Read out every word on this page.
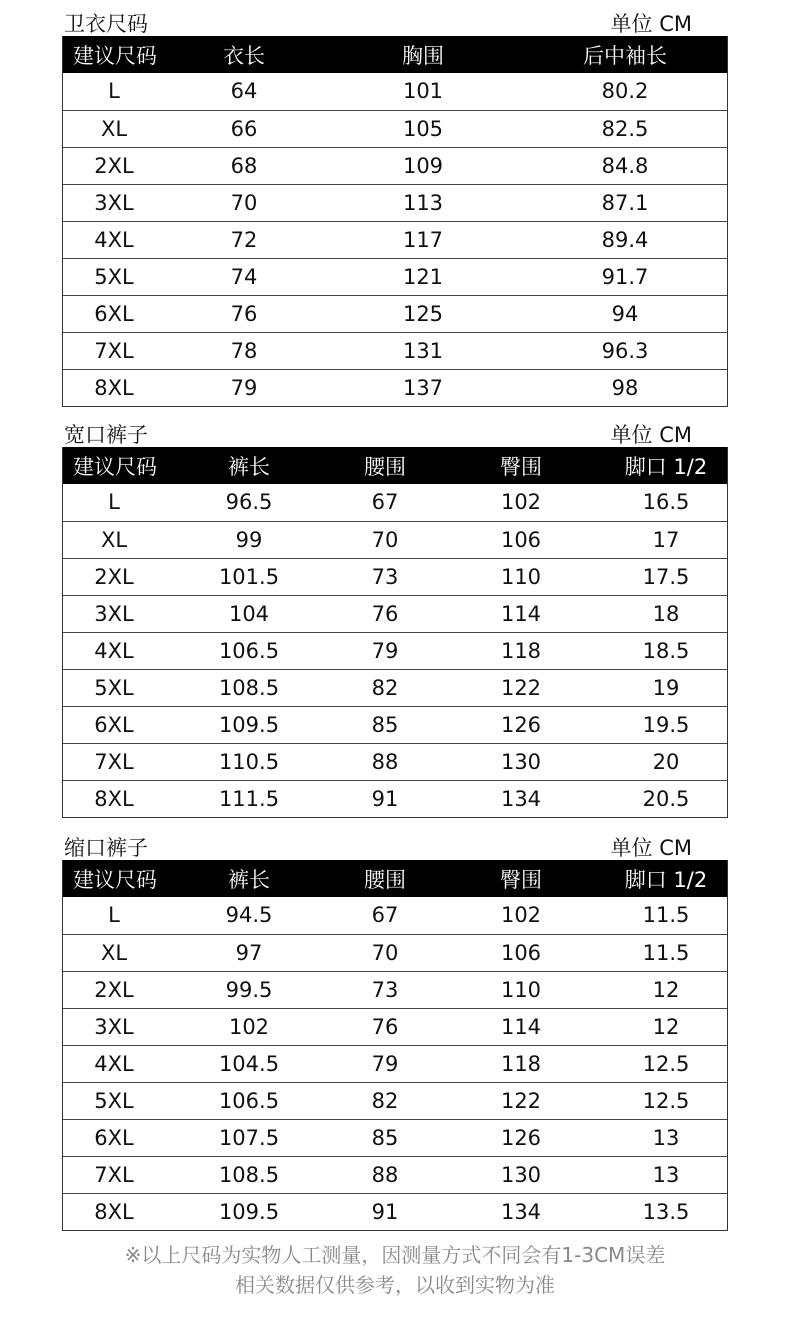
卫衣尺码	单位 CM
建议尺码	衣长	胸围	后中袖长
L	64	101	80.2
XL	66	105	82.5
2XL	68	109	84.8
3XL	70	113	87.1
4XL	72	117	89.4
5XL	74	121	91.7
6XL	76	125	94
7XL	78	131	96.3
8XL	79	137	98
宽口裤子	单位 CM
建议尺码	裤长	腰围	臀围	脚口 1/2
L	96.5	67	102	16.5
XL	99	70	106	17
2XL	101.5	73	110	17.5
3XL	104	76	114	18
4XL	106.5	79	118	18.5
5XL	108.5	82	122	19
6XL	109.5	85	126	19.5
7XL	110.5	88	130	20
8XL	111.5	91	134	20.5
缩口裤子	单位 CM
建议尺码	裤长	腰围	臀围	脚口 1/2
L	94.5	67	102	11.5
XL	97	70	106	11.5
2XL	99.5	73	110	12
3XL	102	76	114	12
4XL	104.5	79	118	12.5
5XL	106.5	82	122	12.5
6XL	107.5	85	126	13
7XL	108.5	88	130	13
8XL	109.5	91	134	13.5
※以上尺码为实物人工测量，因测量方式不同会有1-3CM误差
相关数据仅供参考，以收到实物为准
